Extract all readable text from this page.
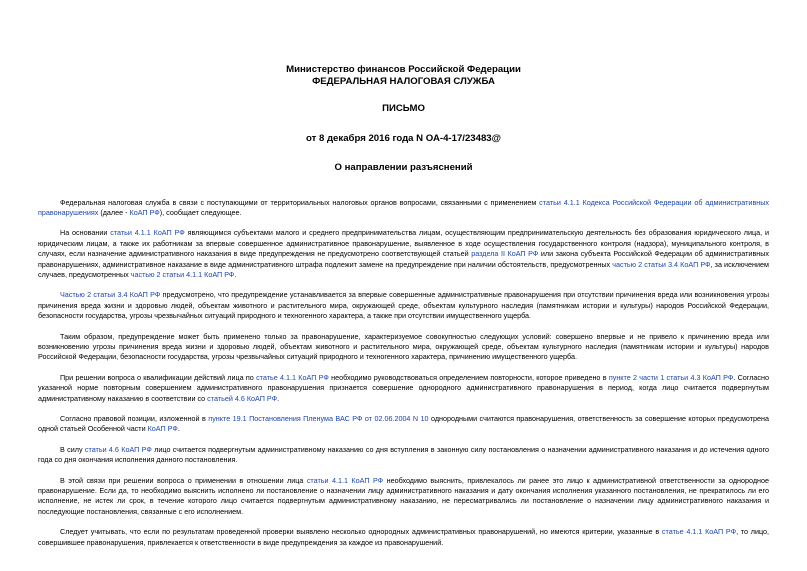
Министерство финансов Российской Федерации
ФЕДЕРАЛЬНАЯ НАЛОГОВАЯ СЛУЖБА
ПИСЬМО
от 8 декабря 2016 года N ОА-4-17/23483@
О направлении разъяснений

Федеральная налоговая служба в связи с поступающими от территориальных налоговых органов вопросами, связанными с применением статьи 4.1.1 Кодекса Российской Федерации об административных правонарушениях (далее - КоАП РФ), сообщает следующее.

На основании статьи 4.1.1 КоАП РФ являющимся субъектами малого и среднего предпринимательства лицам, осуществляющим предпринимательскую деятельность без образования юридического лица, и юридическим лицам, а также их работникам за впервые совершенное административное правонарушение, выявленное в ходе осуществления государственного контроля (надзора), муниципального контроля, в случаях, если назначение административного наказания в виде предупреждения не предусмотрено соответствующей статьей раздела II КоАП РФ или закона субъекта Российской Федерации об административных правонарушениях, административное наказание в виде административного штрафа подлежит замене на предупреждение при наличии обстоятельств, предусмотренных частью 2 статьи 3.4 КоАП РФ, за исключением случаев, предусмотренных частью 2 статьи 4.1.1 КоАП РФ.

Частью 2 статьи 3.4 КоАП РФ предусмотрено, что предупреждение устанавливается за впервые совершенные административные правонарушения при отсутствии причинения вреда или возникновения угрозы причинения вреда жизни и здоровью людей, объектам животного и растительного мира, окружающей среде, объектам культурного наследия (памятникам истории и культуры) народов Российской Федерации, безопасности государства, угрозы чрезвычайных ситуаций природного и техногенного характера, а также при отсутствии имущественного ущерба.

Таким образом, предупреждение может быть применено только за правонарушение, характеризуемое совокупностью следующих условий: совершено впервые и не привело к причинению вреда или возникновению угрозы причинения вреда жизни и здоровью людей, объектам животного и растительного мира, окружающей среде, объектам культурного наследия (памятникам истории и культуры) народов Российской Федерации, безопасности государства, угрозы чрезвычайных ситуаций природного и техногенного характера, причинению имущественного ущерба.

При решении вопроса о квалификации действий лица по статье 4.1.1 КоАП РФ необходимо руководствоваться определением повторности, которое приведено в пункте 2 части 1 статьи 4.3 КоАП РФ. Согласно указанной норме повторным совершением административного правонарушения признается совершение однородного административного правонарушения в период, когда лицо считается подвергнутым административному наказанию в соответствии со статьей 4.6 КоАП РФ.

Согласно правовой позиции, изложенной в пункте 19.1 Постановления Пленума ВАС РФ от 02.06.2004 N 10 однородными считаются правонарушения, ответственность за совершение которых предусмотрена одной статьей Особенной части КоАП РФ.

В силу статьи 4.6 КоАП РФ лицо считается подвергнутым административному наказанию со дня вступления в законную силу постановления о назначении административного наказания и до истечения одного года со дня окончания исполнения данного постановления.

В этой связи при решении вопроса о применении в отношении лица статьи 4.1.1 КоАП РФ необходимо выяснить, привлекалось ли ранее это лицо к административной ответственности за однородное правонарушение. Если да, то необходимо выяснить исполнено ли постановление о назначении лицу административного наказания и дату окончания исполнения указанного постановления, не прекратилось ли его исполнение, не истек ли срок, в течение которого лицо считается подвергнутым административному наказанию, не пересматривались ли постановление о назначении лицу административного наказания и последующие постановления, связанные с его исполнением.

Следует учитывать, что если по результатам проведенной проверки выявлено несколько однородных административных правонарушений, но имеются критерии, указанные в статье 4.1.1 КоАП РФ, то лицо, совершившее правонарушения, привлекается к ответственности в виде предупреждения за каждое из правонарушений.
